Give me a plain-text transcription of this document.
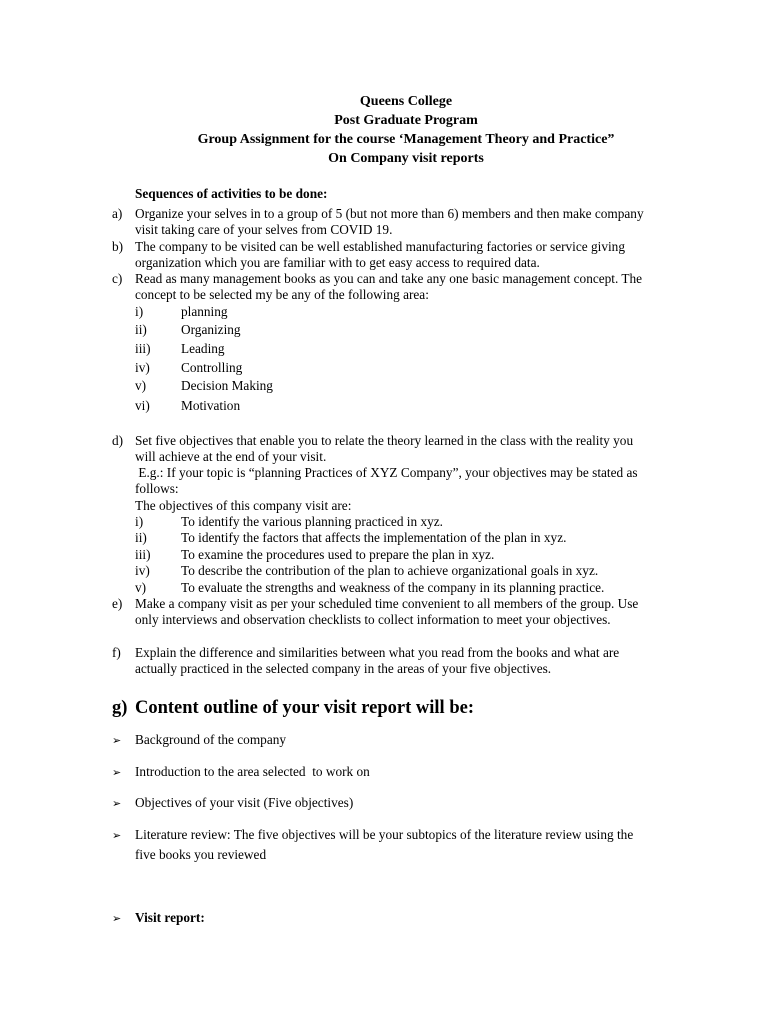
Queens College
Post Graduate Program
Group Assignment for the course ‘Management Theory and Practice”
On Company visit reports
Sequences of activities to be done:
a) Organize your selves in to a group of 5 (but not more than 6) members and then make company
visit taking care of your selves from COVID 19.
b) The company to be visited can be well established manufacturing factories or service giving
organization which you are familiar with to get easy access to required data.
c) Read as many management books as you can and take any one basic management concept. The
concept to be selected my be any of the following area:
i)	planning
ii)	Organizing
iii) Leading
iv) Controlling
v)	Decision Making
vi) Motivation
d) Set five objectives that enable you to relate the theory learned in the class with the reality you
will achieve at the end of your visit.
E.g.: If your topic is “planning Practices of XYZ Company”, your objectives may be stated as
follows:
The objectives of this company visit are:
i)	To identify the various planning practiced in xyz.
ii)	To identify the factors that affects the implementation of the plan in xyz.
iii) To examine the procedures used to prepare the plan in xyz.
iv) To describe the contribution of the plan to achieve organizational goals in xyz.
v)	To evaluate the strengths and weakness of the company in its planning practice.
e) Make a company visit as per your scheduled time convenient to all members of the group. Use
only interviews and observation checklists to collect information to meet your objectives.
f) Explain the difference and similarities between what you read from the books and what are
actually practiced in the selected company in the areas of your five objectives.
g) Content outline of your visit report will be:
➢ Background of the company
➢ Introduction to the area selected  to work on
➢ Objectives of your visit (Five objectives)
➢ Literature review: The five objectives will be your subtopics of the literature review using the
five books you reviewed
➢ Visit report:
